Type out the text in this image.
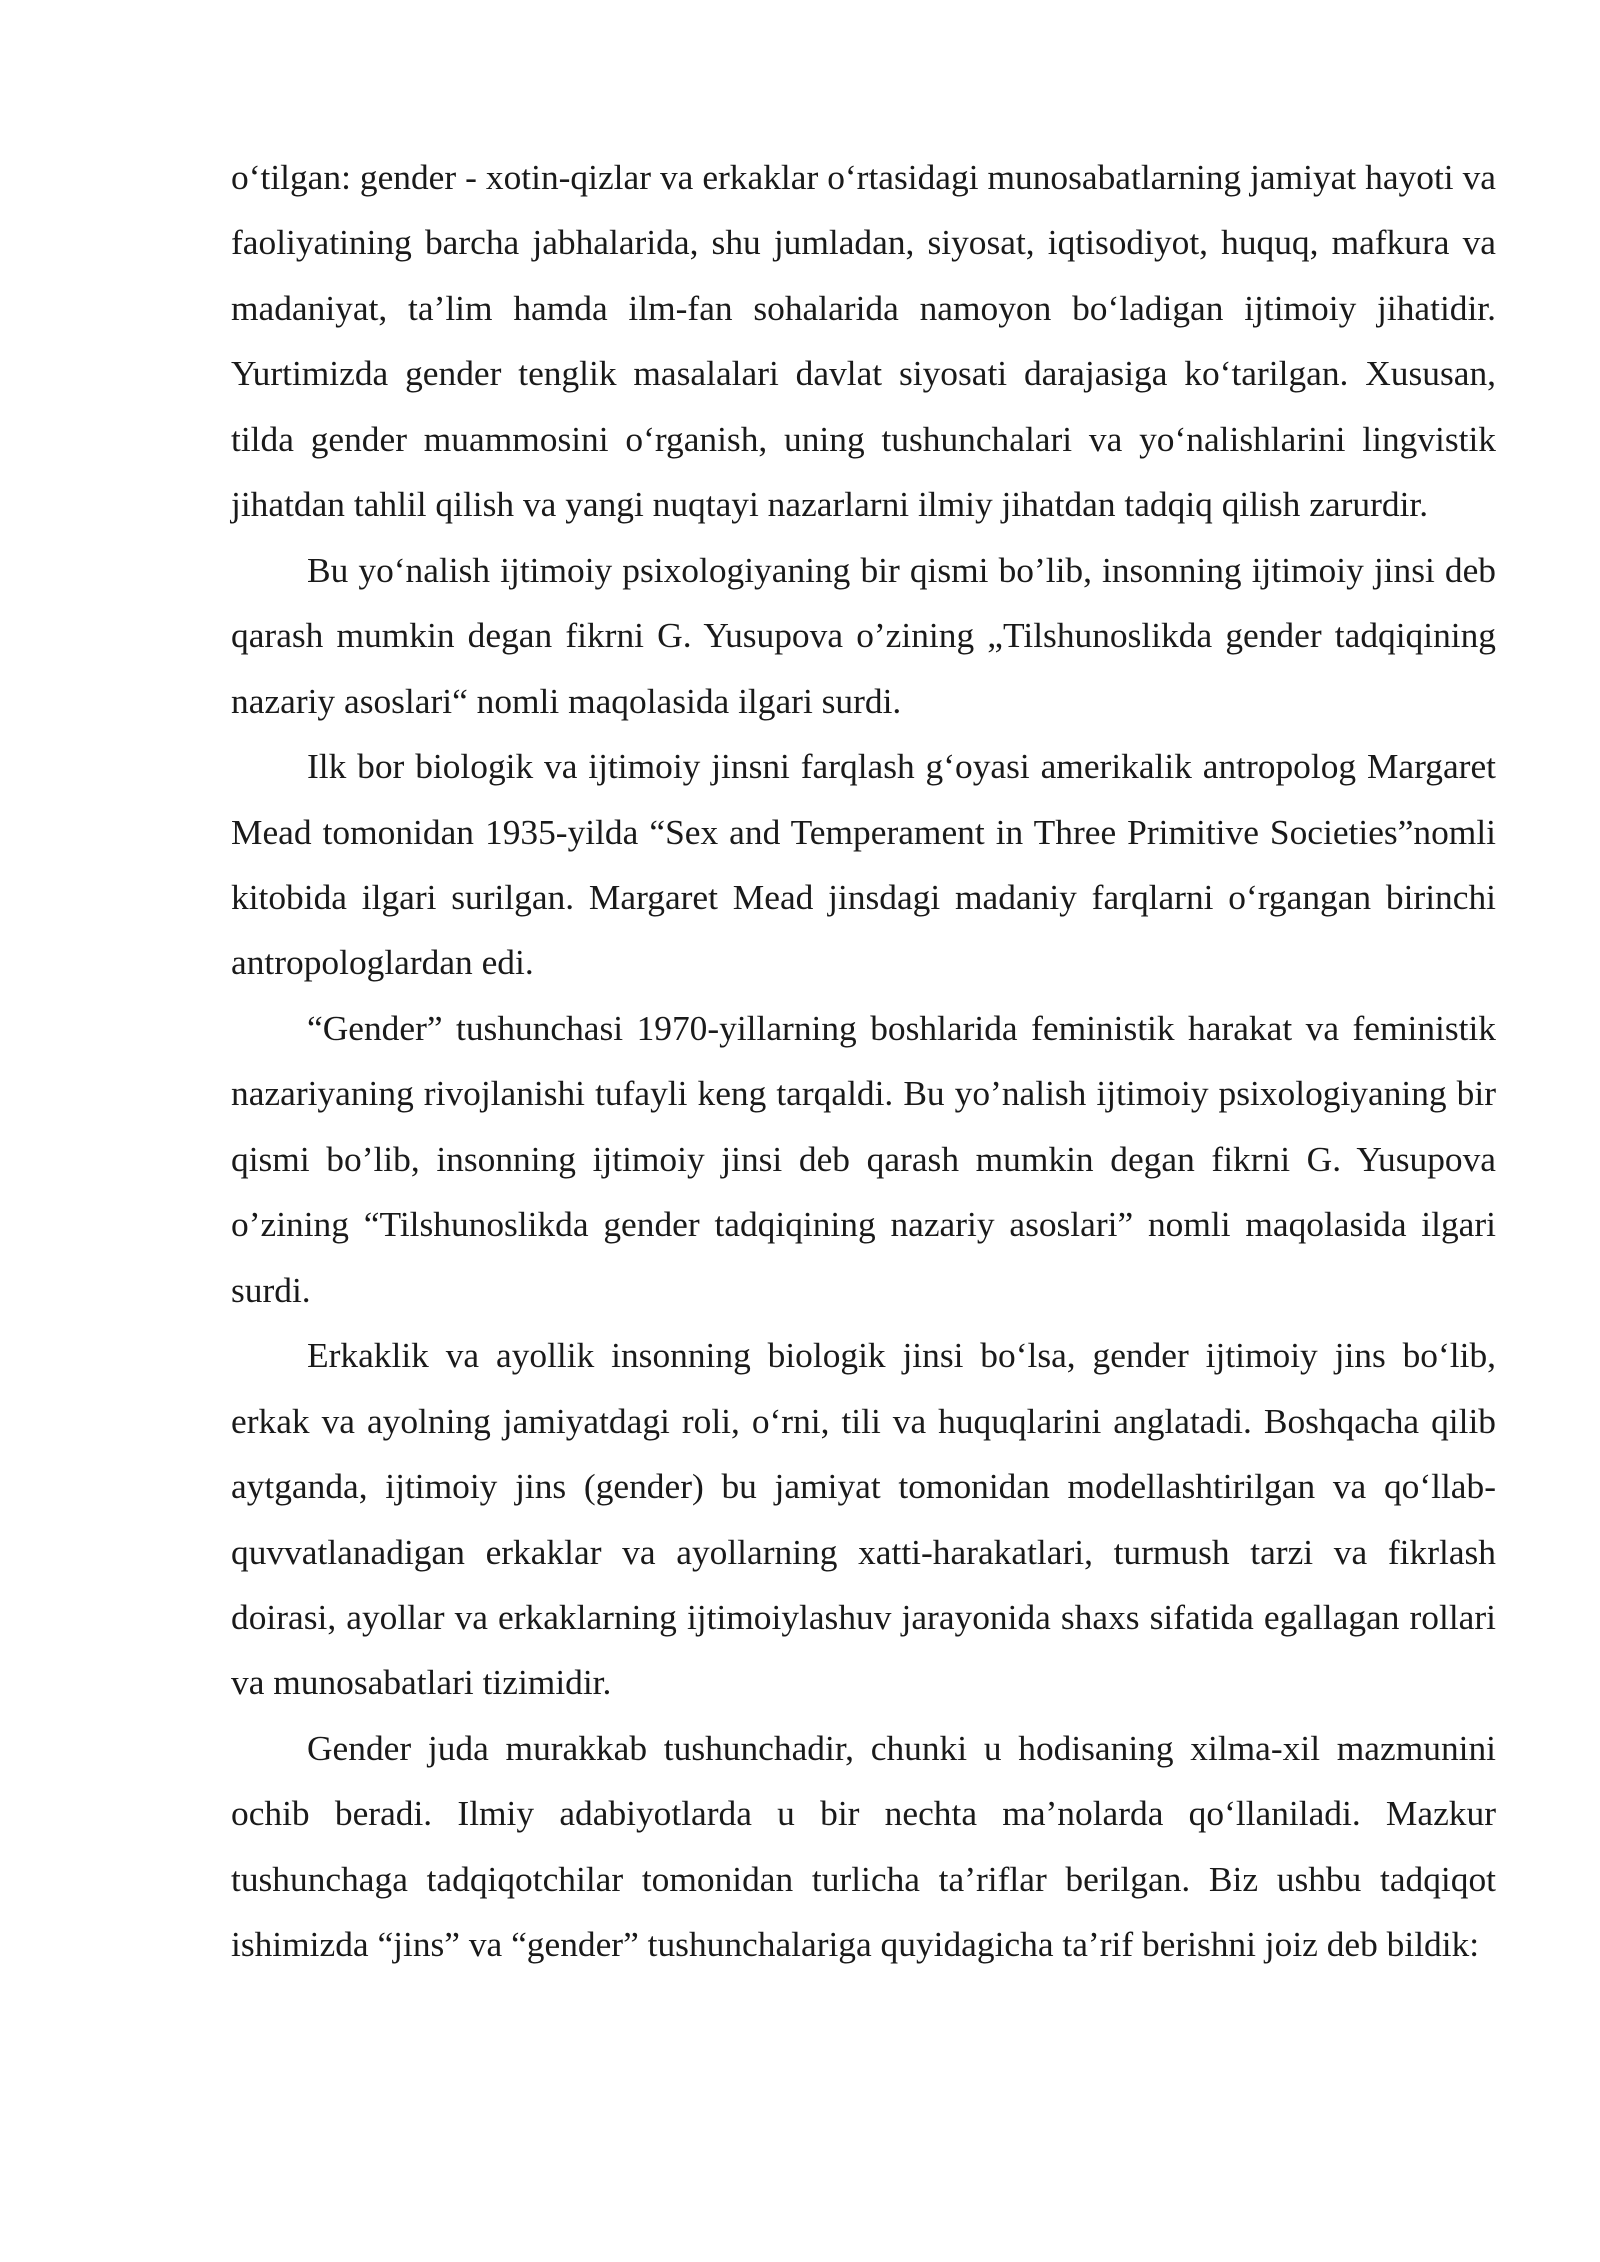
o‘tilgan: gender - xotin-qizlar va erkaklar o‘rtasidagi munosabatlarning jamiyat hayoti va faoliyatining barcha jabhalarida, shu jumladan, siyosat, iqtisodiyot, huquq, mafkura va madaniyat, ta’lim hamda ilm-fan sohalarida namoyon bo‘ladigan ijtimoiy jihatidir. Yurtimizda gender tenglik masalalari davlat siyosati darajasiga ko‘tarilgan. Xususan, tilda gender muammosini o‘rganish, uning tushunchalari va yo‘nalishlarini lingvistik jihatdan tahlil qilish va yangi nuqtayi nazarlarni ilmiy jihatdan tadqiq qilish zarurdir.

Bu yo‘nalish ijtimoiy psixologiyaning bir qismi bo’lib, insonning ijtimoiy jinsi deb qarash mumkin degan fikrni G. Yusupova o’zining „Tilshunoslikda gender tadqiqining nazariy asoslari“ nomli maqolasida ilgari surdi.

Ilk bor biologik va ijtimoiy jinsni farqlash g‘oyasi amerikalik antropolog Margaret Mead tomonidan 1935-yilda “Sex and Temperament in Three Primitive Societies”nomli kitobida ilgari surilgan. Margaret Mead jinsdagi madaniy farqlarni o‘rgangan birinchi antropologlardan edi.

“Gender” tushunchasi 1970-yillarning boshlarida feministik harakat va feministik nazariyaning rivojlanishi tufayli keng tarqaldi. Bu yo’nalish ijtimoiy psixologiyaning bir qismi bo’lib, insonning ijtimoiy jinsi deb qarash mumkin degan fikrni G. Yusupova o’zining “Tilshunoslikda gender tadqiqining nazariy asoslari” nomli maqolasida ilgari surdi.

Erkaklik va ayollik insonning biologik jinsi bo‘lsa, gender ijtimoiy jins bo‘lib, erkak va ayolning jamiyatdagi roli, o‘rni, tili va huquqlarini anglatadi. Boshqacha qilib aytganda, ijtimoiy jins (gender) bu jamiyat tomonidan modellashtirilgan va qo‘llab-quvvatlanadigan erkaklar va ayollarning xatti-harakatlari, turmush tarzi va fikrlash doirasi, ayollar va erkaklarning ijtimoiylashuv jarayonida shaxs sifatida egallagan rollari va munosabatlari tizimidir.

Gender juda murakkab tushunchadir, chunki u hodisaning xilma-xil mazmunini ochib beradi. Ilmiy adabiyotlarda u bir nechta ma’nolarda qo‘llaniladi. Mazkur tushunchaga tadqiqotchilar tomonidan turlicha ta’riflar berilgan. Biz ushbu tadqiqot ishimizda “jins” va “gender” tushunchalariga quyidagicha ta’rif berishni joiz deb bildik:
